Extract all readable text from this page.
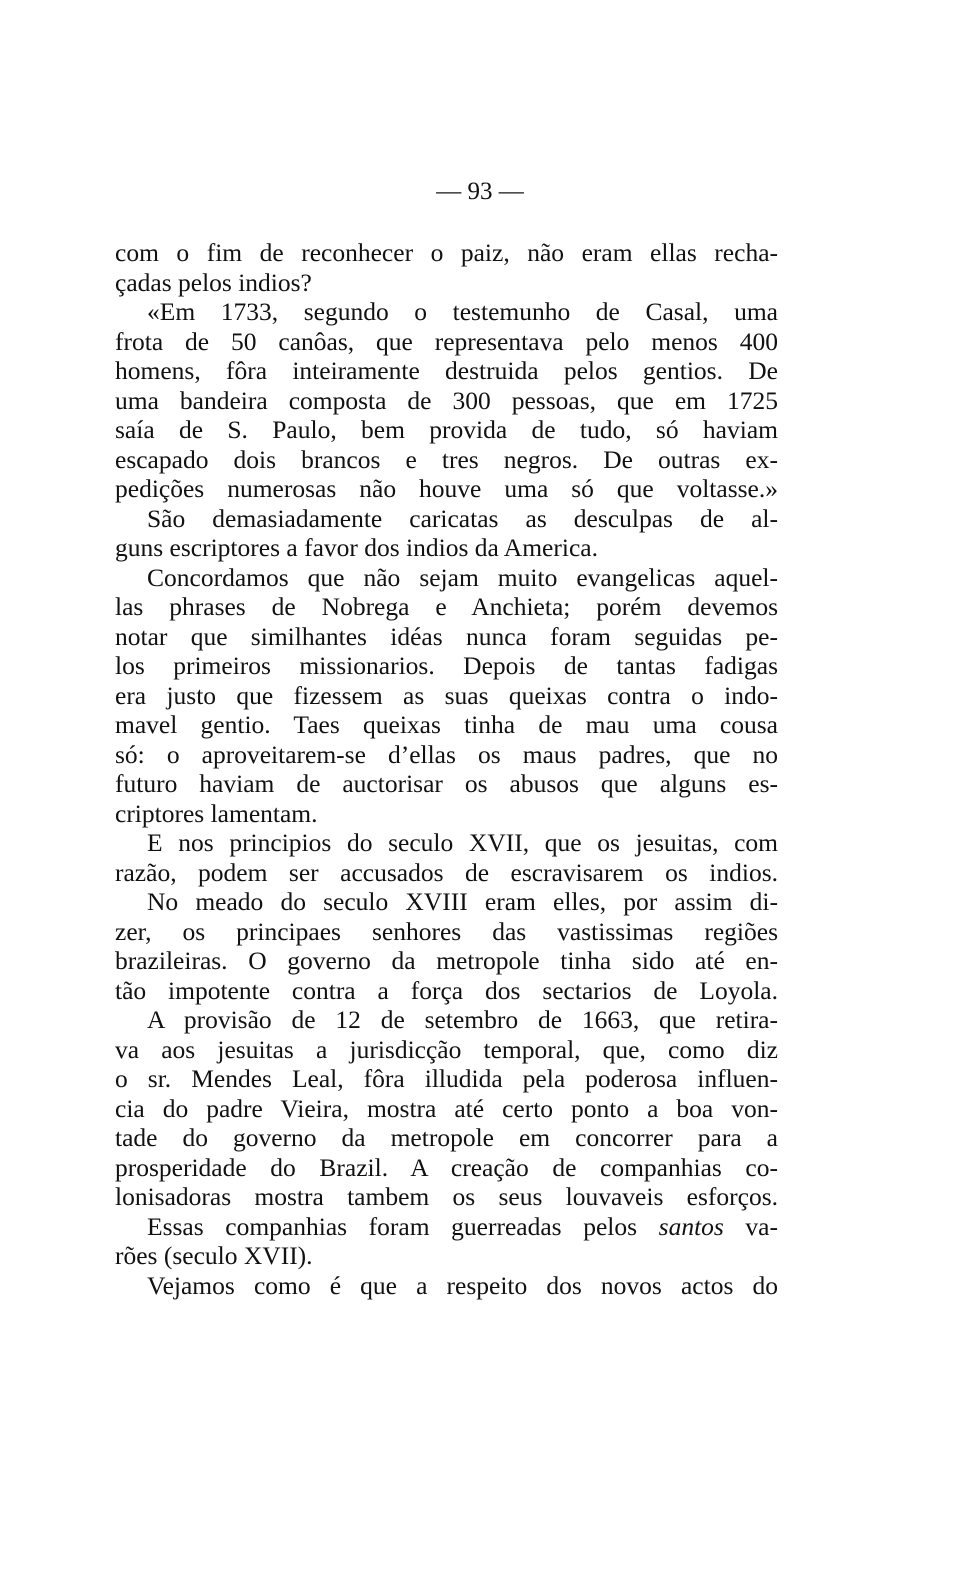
— 93 —
com o fim de reconhecer o paiz, não eram ellas recha-
çadas pelos indios?
«Em 1733, segundo o testemunho de Casal, uma
frota de 50 canôas, que representava pelo menos 400
homens, fôra inteiramente destruida pelos gentios. De
uma bandeira composta de 300 pessoas, que em 1725
saía de S. Paulo, bem provida de tudo, só haviam
escapado dois brancos e tres negros. De outras ex-
pedições numerosas não houve uma só que voltasse.»
São demasiadamente caricatas as desculpas de al-
guns escriptores a favor dos indios da America.
Concordamos que não sejam muito evangelicas aquel-
las phrases de Nobrega e Anchieta; porém devemos
notar que similhantes idéas nunca foram seguidas pe-
los primeiros missionarios. Depois de tantas fadigas
era justo que fizessem as suas queixas contra o indo-
mavel gentio. Taes queixas tinha de mau uma cousa
só: o aproveitarem-se d’ellas os maus padres, que no
futuro haviam de auctorisar os abusos que alguns es-
criptores lamentam.
E nos principios do seculo XVII, que os jesuitas, com
razão, podem ser accusados de escravisarem os indios.
No meado do seculo XVIII eram elles, por assim di-
zer, os principaes senhores das vastissimas regiões
brazileiras. O governo da metropole tinha sido até en-
tão impotente contra a força dos sectarios de Loyola.
A provisão de 12 de setembro de 1663, que retira-
va aos jesuitas a jurisdicção temporal, que, como diz
o sr. Mendes Leal, fôra illudida pela poderosa influen-
cia do padre Vieira, mostra até certo ponto a boa von-
tade do governo da metropole em concorrer para a
prosperidade do Brazil. A creação de companhias co-
lonisadoras mostra tambem os seus louvaveis esforços.
Essas companhias foram guerreadas pelos santos va-
rões (seculo XVII).
Vejamos como é que a respeito dos novos actos do
